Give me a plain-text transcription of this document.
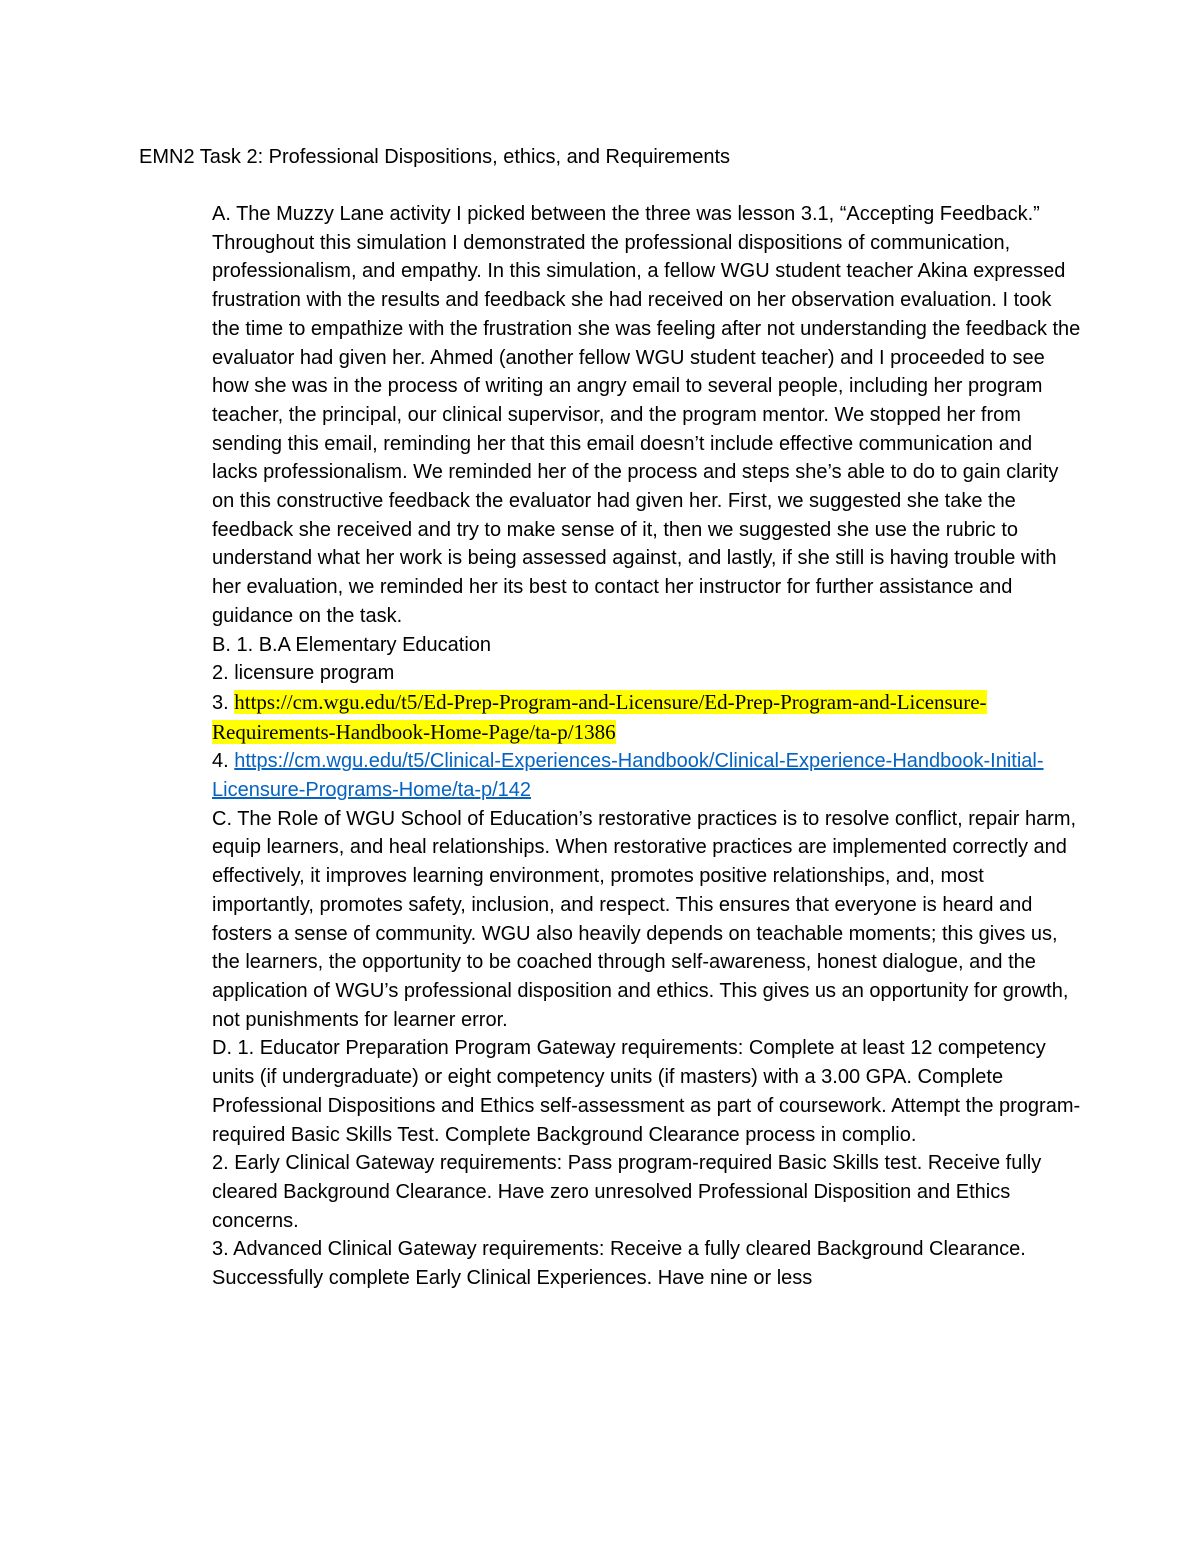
EMN2 Task 2: Professional Dispositions, ethics, and Requirements

A. The Muzzy Lane activity I picked between the three was lesson 3.1, “Accepting Feedback.” Throughout this simulation I demonstrated the professional dispositions of communication, professionalism, and empathy. In this simulation, a fellow WGU student teacher Akina expressed frustration with the results and feedback she had received on her observation evaluation. I took the time to empathize with the frustration she was feeling after not understanding the feedback the evaluator had given her. Ahmed (another fellow WGU student teacher) and I proceeded to see how she was in the process of writing an angry email to several people, including her program teacher, the principal, our clinical supervisor, and the program mentor. We stopped her from sending this email, reminding her that this email doesn’t include effective communication and lacks professionalism. We reminded her of the process and steps she’s able to do to gain clarity on this constructive feedback the evaluator had given her. First, we suggested she take the feedback she received and try to make sense of it, then we suggested she use the rubric to understand what her work is being assessed against, and lastly, if she still is having trouble with her evaluation, we reminded her its best to contact her instructor for further assistance and guidance on the task.

B. 1. B.A Elementary Education

2. licensure program

3. https://cm.wgu.edu/t5/Ed-Prep-Program-and-Licensure/Ed-Prep-Program-and-Licensure-Requirements-Handbook-Home-Page/ta-p/1386

4. https://cm.wgu.edu/t5/Clinical-Experiences-Handbook/Clinical-Experience-Handbook-Initial-Licensure-Programs-Home/ta-p/142

C. The Role of WGU School of Education’s restorative practices is to resolve conflict, repair harm, equip learners, and heal relationships. When restorative practices are implemented correctly and effectively, it improves learning environment, promotes positive relationships, and, most importantly, promotes safety, inclusion, and respect. This ensures that everyone is heard and fosters a sense of community. WGU also heavily depends on teachable moments; this gives us, the learners, the opportunity to be coached through self-awareness, honest dialogue, and the application of WGU’s professional disposition and ethics. This gives us an opportunity for growth, not punishments for learner error.

D. 1. Educator Preparation Program Gateway requirements: Complete at least 12 competency units (if undergraduate) or eight competency units (if masters) with a 3.00 GPA. Complete Professional Dispositions and Ethics self-assessment as part of coursework. Attempt the program-required Basic Skills Test. Complete Background Clearance process in complio.

2. Early Clinical Gateway requirements: Pass program-required Basic Skills test. Receive fully cleared Background Clearance. Have zero unresolved Professional Disposition and Ethics concerns.

3. Advanced Clinical Gateway requirements: Receive a fully cleared Background Clearance. Successfully complete Early Clinical Experiences. Have nine or less
